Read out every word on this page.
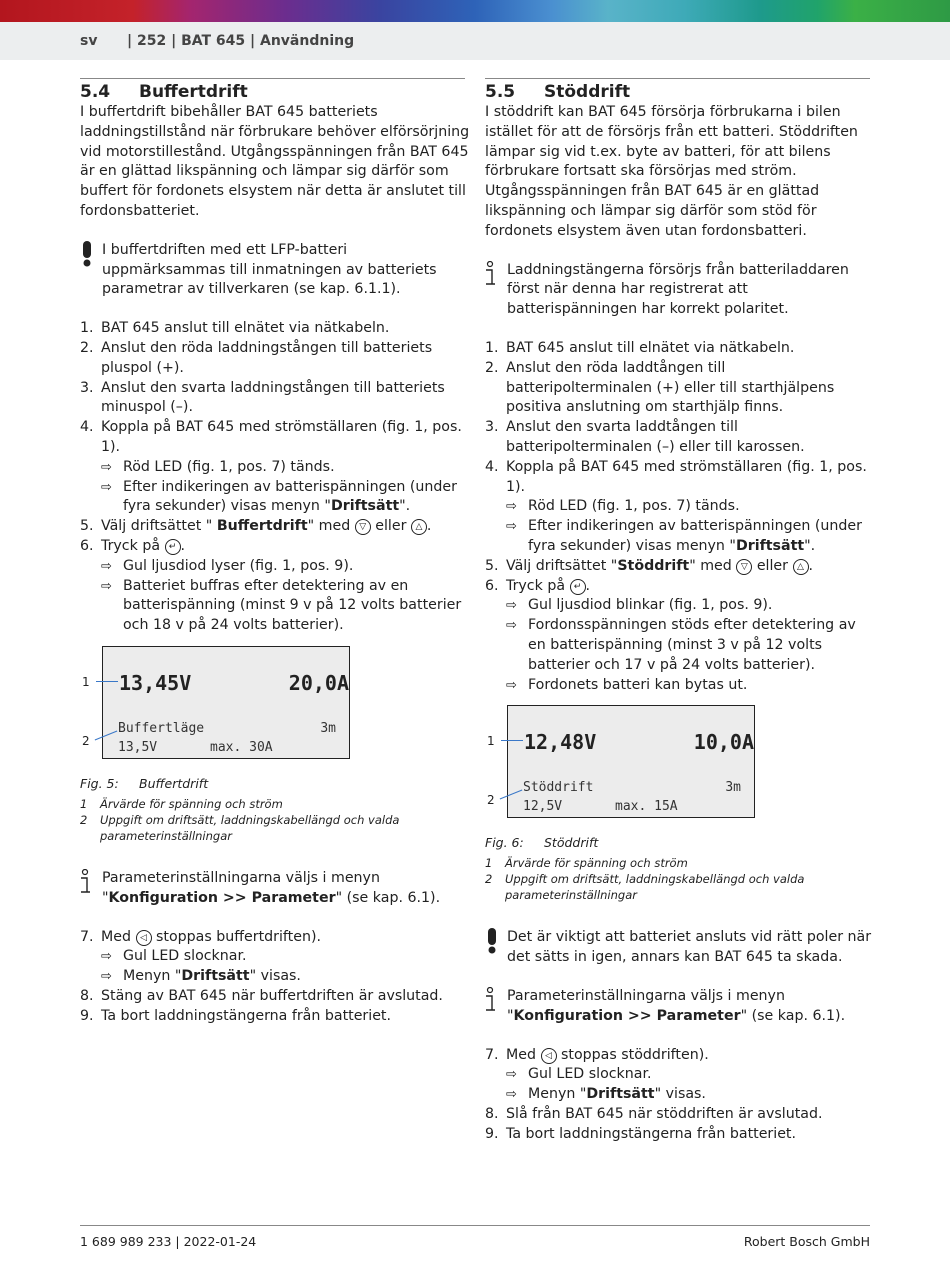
sv | 252 | BAT 645 | Användning
5.4 Buffertdrift

I buffertdrift bibehåller BAT 645 batteriets laddningstillstånd när förbrukare behöver elförsörjning vid motorstillestånd. Utgångsspänningen från BAT 645 är en glättad likspänning och lämpar sig därför som buffert för fordonets elsystem när detta är anslutet till fordonsbatteriet.

I buffertdriften med ett LFP-batteri uppmärksammas till inmatningen av batteriets parametrar av tillverkaren (se kap. 6.1.1).

1. BAT 645 anslut till elnätet via nätkabeln.
2. Anslut den röda laddningstången till batteriets pluspol (+).
3. Anslut den svarta laddningstången till batteriets minuspol (–).
4. Koppla på BAT 645 med strömställaren (fig. 1, pos. 1).
⇨ Röd LED (fig. 1, pos. 7) tänds.
⇨ Efter indikeringen av batterispänningen (under fyra sekunder) visas menyn "Driftsätt".
5. Välj driftsättet " Buffertdrift" med ▽ eller △ .
6. Tryck på ↵ .
⇨ Gul ljusdiod lyser (fig. 1, pos. 9).
⇨ Batteriet buffras efter detektering av en batterispänning (minst 9 v på 12 volts batterier och 18 v på 24 volts batterier).
13,45V	20,0A
Buffertläge	3m
13,5V	max. 30A
1
2
Fig. 5: Buffertdrift
1 Ärvärde för spänning och ström
2 Uppgift om driftsätt, laddningskabellängd och valda parameterinställningar

Parameterinställningarna väljs i menyn "Konfiguration >> Parameter" (se kap. 6.1).

7. Med ◁ stoppas buffertdriften).
⇨ Gul LED slocknar.
⇨ Menyn "Driftsätt" visas.
8. Stäng av BAT 645 när buffertdriften är avslutad.
9. Ta bort laddningstängerna från batteriet.
5.5 Stöddrift

I stöddrift kan BAT 645 försörja förbrukarna i bilen istället för att de försörjs från ett batteri. Stöddriften lämpar sig vid t.ex. byte av batteri, för att bilens förbrukare fortsatt ska försörjas med ström. Utgångsspänningen från BAT 645 är en glättad likspänning och lämpar sig därför som stöd för fordonets elsystem även utan fordonsbatteri.

Laddningstängerna försörjs från batteriladdaren först när denna har registrerat att batterispänningen har korrekt polaritet.

1. BAT 645 anslut till elnätet via nätkabeln.
2. Anslut den röda laddtången till batteripolterminalen (+) eller till starthjälpens positiva anslutning om starthjälp finns.
3. Anslut den svarta laddtången till batteripolterminalen (–) eller till karossen.
4. Koppla på BAT 645 med strömställaren (fig. 1, pos. 1).
⇨ Röd LED (fig. 1, pos. 7) tänds.
⇨ Efter indikeringen av batterispänningen (under fyra sekunder) visas menyn "Driftsätt".
5. Välj driftsättet "Stöddrift" med ▽ eller △ .
6. Tryck på ↵ .
⇨ Gul ljusdiod blinkar (fig. 1, pos. 9).
⇨ Fordonsspänningen stöds efter detektering av en batterispänning (minst 3 v på 12 volts batterier och 17 v på 24 volts batterier).
⇨ Fordonets batteri kan bytas ut.
12,48V	10,0A
Stöddrift	3m
12,5V	max. 15A
1
2
Fig. 6: Stöddrift
1 Ärvärde för spänning och ström
2 Uppgift om driftsätt, laddningskabellängd och valda parameterinställningar

Det är viktigt att batteriet ansluts vid rätt poler när det sätts in igen, annars kan BAT 645 ta skada.

Parameterinställningarna väljs i menyn "Konfiguration >> Parameter" (se kap. 6.1).

7. Med ◁ stoppas stöddriften).
⇨ Gul LED slocknar.
⇨ Menyn "Driftsätt" visas.
8. Slå från BAT 645 när stöddriften är avslutad.
9. Ta bort laddningstängerna från batteriet.
1 689 989 233 | 2022-01-24	Robert Bosch GmbH
